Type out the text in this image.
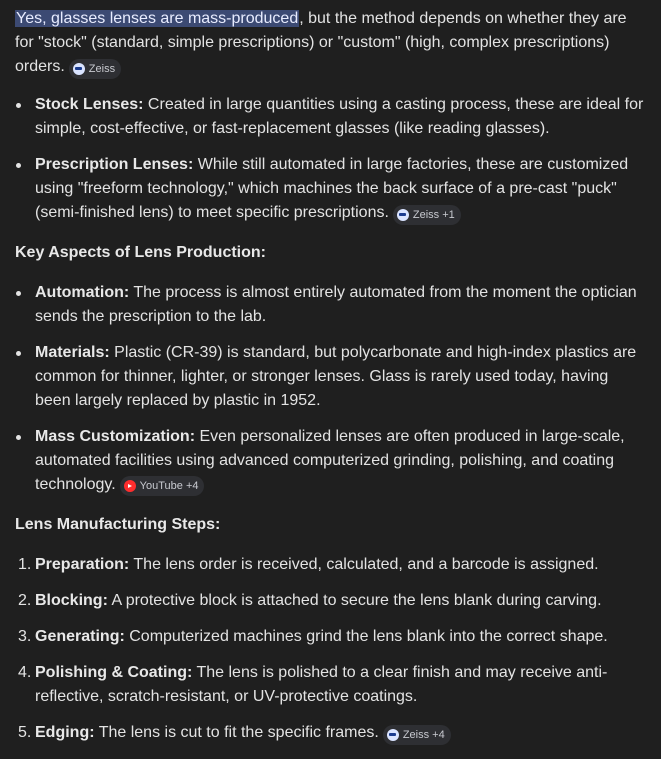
Yes, glasses lenses are mass-produced, but the method depends on whether they are for "stock" (standard, simple prescriptions) or "custom" (high, complex prescriptions) orders. Zeiss

Stock Lenses: Created in large quantities using a casting process, these are ideal for simple, cost-effective, or fast-replacement glasses (like reading glasses).
Prescription Lenses: While still automated in large factories, these are customized using "freeform technology," which machines the back surface of a pre-cast "puck" (semi-finished lens) to meet specific prescriptions. Zeiss +1
Key Aspects of Lens Production:
Automation: The process is almost entirely automated from the moment the optician sends the prescription to the lab.
Materials: Plastic (CR-39) is standard, but polycarbonate and high-index plastics are common for thinner, lighter, or stronger lenses. Glass is rarely used today, having been largely replaced by plastic in 1952.
Mass Customization: Even personalized lenses are often produced in large-scale, automated facilities using advanced computerized grinding, polishing, and coating technology. YouTube +4
Lens Manufacturing Steps:
1. Preparation: The lens order is received, calculated, and a barcode is assigned.
2. Blocking: A protective block is attached to secure the lens blank during carving.
3. Generating: Computerized machines grind the lens blank into the correct shape.
4. Polishing & Coating: The lens is polished to a clear finish and may receive anti-reflective, scratch-resistant, or UV-protective coatings.
5. Edging: The lens is cut to fit the specific frames. Zeiss +4
